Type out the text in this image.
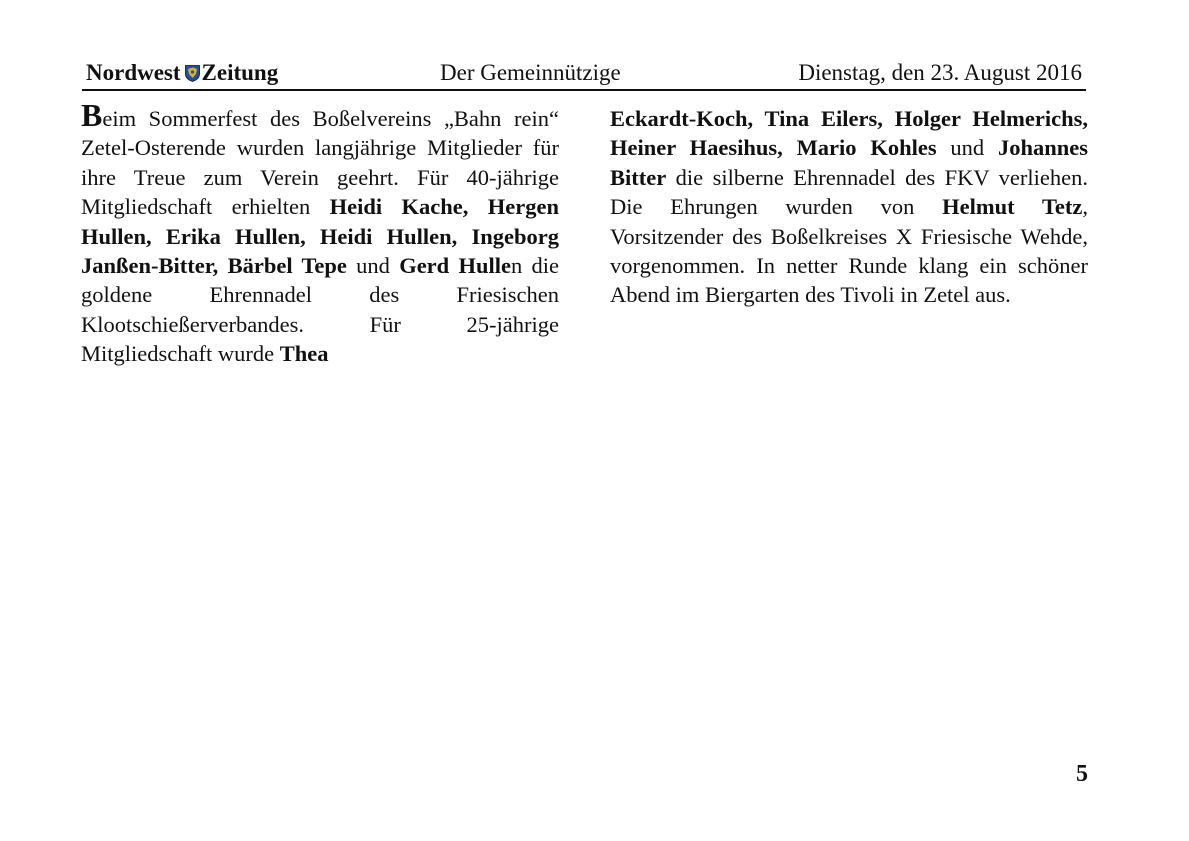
Nordwest Zeitung	Der Gemeinnützige	Dienstag, den 23. August 2016
Beim Sommerfest des Boßelvereins „Bahn rein“ Zetel-Osterende wurden langjährige Mitglieder für ihre Treue zum Verein geehrt. Für 40-jährige Mitgliedschaft erhielten Heidi Kache, Hergen Hullen, Erika Hullen, Heidi Hullen, Ingeborg Janßen-Bitter, Bärbel Tepe und Gerd Hullen die goldene Ehrennadel des Friesischen Klootschießerverbandes. Für 25-jährige Mitgliedschaft wurde Thea
Eckardt-Koch, Tina Eilers, Holger Helmerichs, Heiner Haesihus, Mario Kohles und Johannes Bitter die silberne Ehrennadel des FKV verliehen. Die Ehrungen wurden von Helmut Tetz, Vorsitzender des Boßelkreises X Friesische Wehde, vorgenommen. In netter Runde klang ein schöner Abend im Biergarten des Tivoli in Zetel aus.
5
